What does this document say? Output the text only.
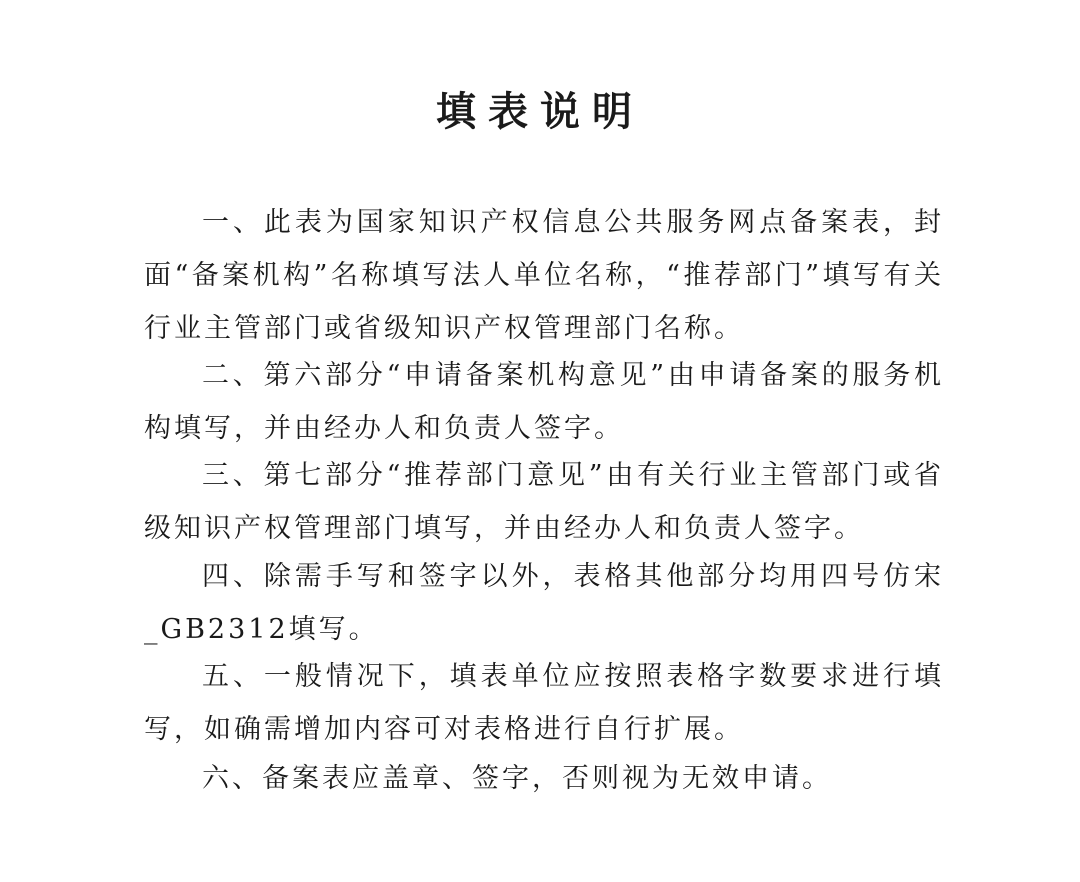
填表说明

一、此表为国家知识产权信息公共服务网点备案表，封面“备案机构”名称填写法人单位名称，“推荐部门”填写有关行业主管部门或省级知识产权管理部门名称。

二、第六部分“申请备案机构意见”由申请备案的服务机构填写，并由经办人和负责人签字。

三、第七部分“推荐部门意见”由有关行业主管部门或省级知识产权管理部门填写，并由经办人和负责人签字。

四、除需手写和签字以外，表格其他部分均用四号仿宋_GB2312填写。

五、一般情况下，填表单位应按照表格字数要求进行填写，如确需增加内容可对表格进行自行扩展。

六、备案表应盖章、签字，否则视为无效申请。
